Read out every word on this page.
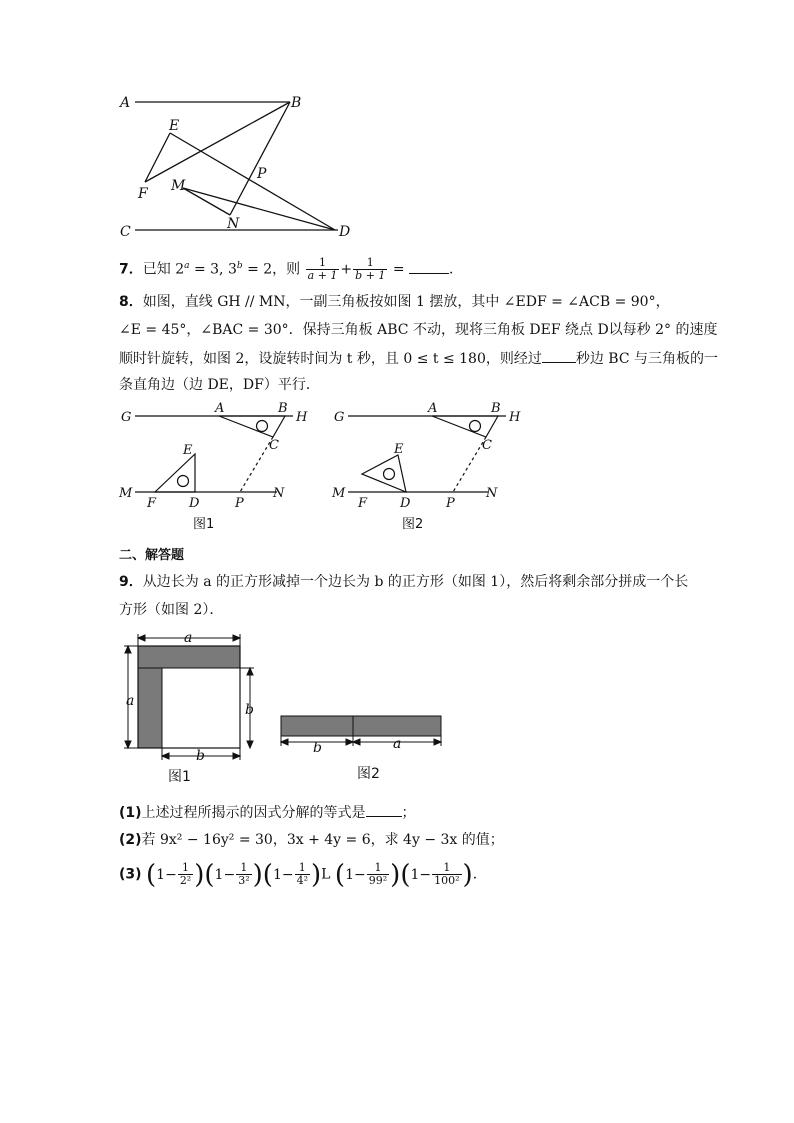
A	B
E
F M
P
N
C	D
7．已知 $2^a = 3$, $3^b = 2$，则 $\frac{1}{a + 1} + \frac{1}{b + 1}$ =	．
8．如图，直线 GH // MN，一副三角板按如图 1 摆放，其中 ∠EDF = ∠ACB = 90°，
∠E = 45°，∠BAC = 30°．保持三角板 ABC 不动，现将三角板 DEF 绕点 D以每秒 2° 的速度
顺时针旋转，如图 2，设旋转时间为 t 秒，且 0 ≤ t ≤ 180，则经过 秒边 BC 与三角板的一
条直角边（边 DE，DF）平行．
G
A	B
H
E	C
M
F	D	P
N
图1
G
A	B
H
E	C
M
F	D	P
N
图2
二、解答题
9．从边长为 a 的正方形减掉一个边长为 b 的正方形（如图 1），然后将剩余部分拼成一个长
方形（如图 2）．
a
a
b
b
图1
b	a
图2
(1)上述过程所揭示的因式分解的等式是	；
(2)若 9x² − 16y² = 30，3x + 4y = 6，求 4y − 3x 的值；
(3) $(1- \frac{1}{\text{2²}} )(1- \frac{1}{\text{3²}} )(1- \frac{1}{\text{4²}} )L$ $(1- \frac{1}{\text{99²}} )(1- \frac{1}{\text{100²}}$ )．
